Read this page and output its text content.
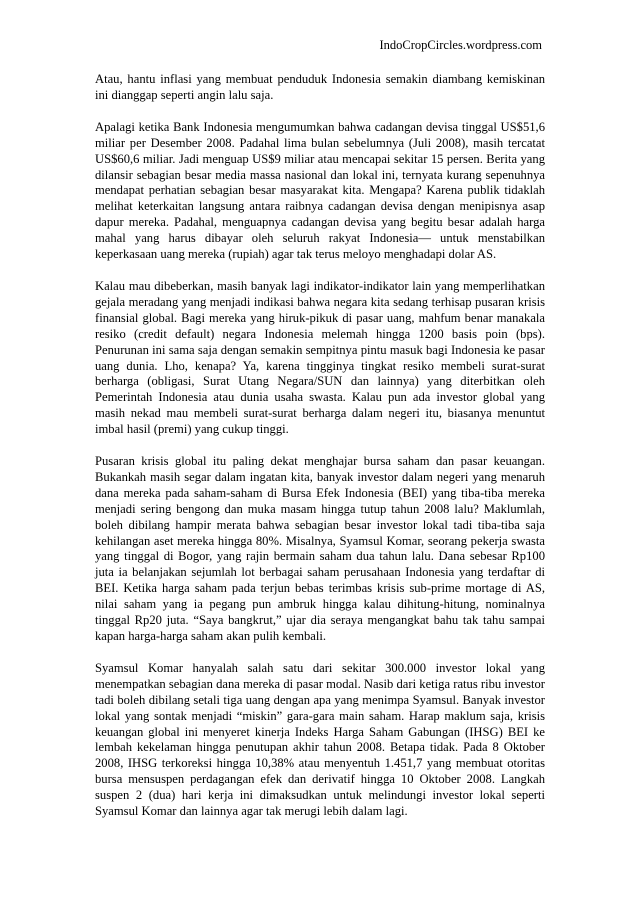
IndoCropCircles.wordpress.com

Atau, hantu inflasi yang membuat penduduk Indonesia semakin diambang kemiskinan ini dianggap seperti angin lalu saja.

Apalagi ketika Bank Indonesia mengumumkan bahwa cadangan devisa tinggal US$51,6 miliar per Desember 2008. Padahal lima bulan sebelumnya (Juli 2008), masih tercatat US$60,6 miliar. Jadi menguap US$9 miliar atau mencapai sekitar 15 persen. Berita yang dilansir sebagian besar media massa nasional dan lokal ini, ternyata kurang sepenuhnya mendapat perhatian sebagian besar masyarakat kita. Mengapa? Karena publik tidaklah melihat keterkaitan langsung antara raibnya cadangan devisa dengan menipisnya asap dapur mereka. Padahal, menguapnya cadangan devisa yang begitu besar adalah harga mahal yang harus dibayar oleh seluruh rakyat Indonesia— untuk menstabilkan keperkasaan uang mereka (rupiah) agar tak terus meloyo menghadapi dolar AS.

Kalau mau dibeberkan, masih banyak lagi indikator-indikator lain yang memperlihatkan gejala meradang yang menjadi indikasi bahwa negara kita sedang terhisap pusaran krisis finansial global. Bagi mereka yang hiruk-pikuk di pasar uang, mahfum benar manakala resiko (credit default) negara Indonesia melemah hingga 1200 basis poin (bps). Penurunan ini sama saja dengan semakin sempitnya pintu masuk bagi Indonesia ke pasar uang dunia. Lho, kenapa? Ya, karena tingginya tingkat resiko membeli surat-surat berharga (obligasi, Surat Utang Negara/SUN dan lainnya) yang diterbitkan oleh Pemerintah Indonesia atau dunia usaha swasta. Kalau pun ada investor global yang masih nekad mau membeli surat-surat berharga dalam negeri itu, biasanya menuntut imbal hasil (premi) yang cukup tinggi.

Pusaran krisis global itu paling dekat menghajar bursa saham dan pasar keuangan. Bukankah masih segar dalam ingatan kita, banyak investor dalam negeri yang menaruh dana mereka pada saham-saham di Bursa Efek Indonesia (BEI) yang tiba-tiba mereka menjadi sering bengong dan muka masam hingga tutup tahun 2008 lalu? Maklumlah, boleh dibilang hampir merata bahwa sebagian besar investor lokal tadi tiba-tiba saja kehilangan aset mereka hingga 80%. Misalnya, Syamsul Komar, seorang pekerja swasta yang tinggal di Bogor, yang rajin bermain saham dua tahun lalu. Dana sebesar Rp100 juta ia belanjakan sejumlah lot berbagai saham perusahaan Indonesia yang terdaftar di BEI. Ketika harga saham pada terjun bebas terimbas krisis sub-prime mortage di AS, nilai saham yang ia pegang pun ambruk hingga kalau dihitung-hitung, nominalnya tinggal Rp20 juta. “Saya bangkrut,” ujar dia seraya mengangkat bahu tak tahu sampai kapan harga-harga saham akan pulih kembali.

Syamsul Komar hanyalah salah satu dari sekitar 300.000 investor lokal yang menempatkan sebagian dana mereka di pasar modal. Nasib dari ketiga ratus ribu investor tadi boleh dibilang setali tiga uang dengan apa yang menimpa Syamsul. Banyak investor lokal yang sontak menjadi “miskin” gara-gara main saham. Harap maklum saja, krisis keuangan global ini menyeret kinerja Indeks Harga Saham Gabungan (IHSG) BEI ke lembah kekelaman hingga penutupan akhir tahun 2008. Betapa tidak. Pada 8 Oktober 2008, IHSG terkoreksi hingga 10,38% atau menyentuh 1.451,7 yang membuat otoritas bursa mensuspen perdagangan efek dan derivatif hingga 10 Oktober 2008. Langkah suspen 2 (dua) hari kerja ini dimaksudkan untuk melindungi investor lokal seperti Syamsul Komar dan lainnya agar tak merugi lebih dalam lagi.
